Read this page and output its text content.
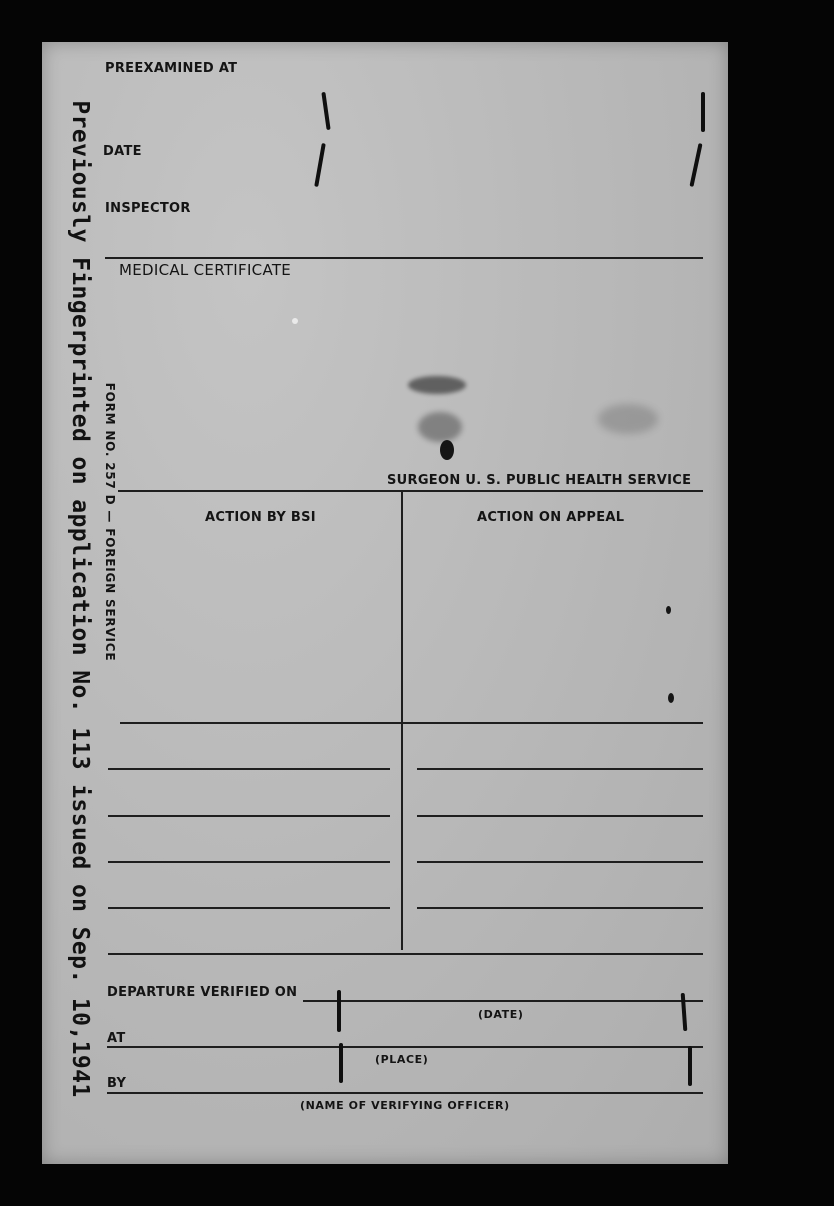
Previously Fingerprinted on application No. 113 issued on Sep. 10,1941
PREEXAMINED AT
DATE
INSPECTOR
MEDICAL CERTIFICATE
FORM NO. 257 D — FOREIGN SERVICE	SURGEON U. S. PUBLIC HEALTH SERVICE
ACTION BY BSI	ACTION ON APPEAL
DEPARTURE VERIFIED ON
(DATE)
AT
(PLACE)
BY
(NAME OF VERIFYING OFFICER)
